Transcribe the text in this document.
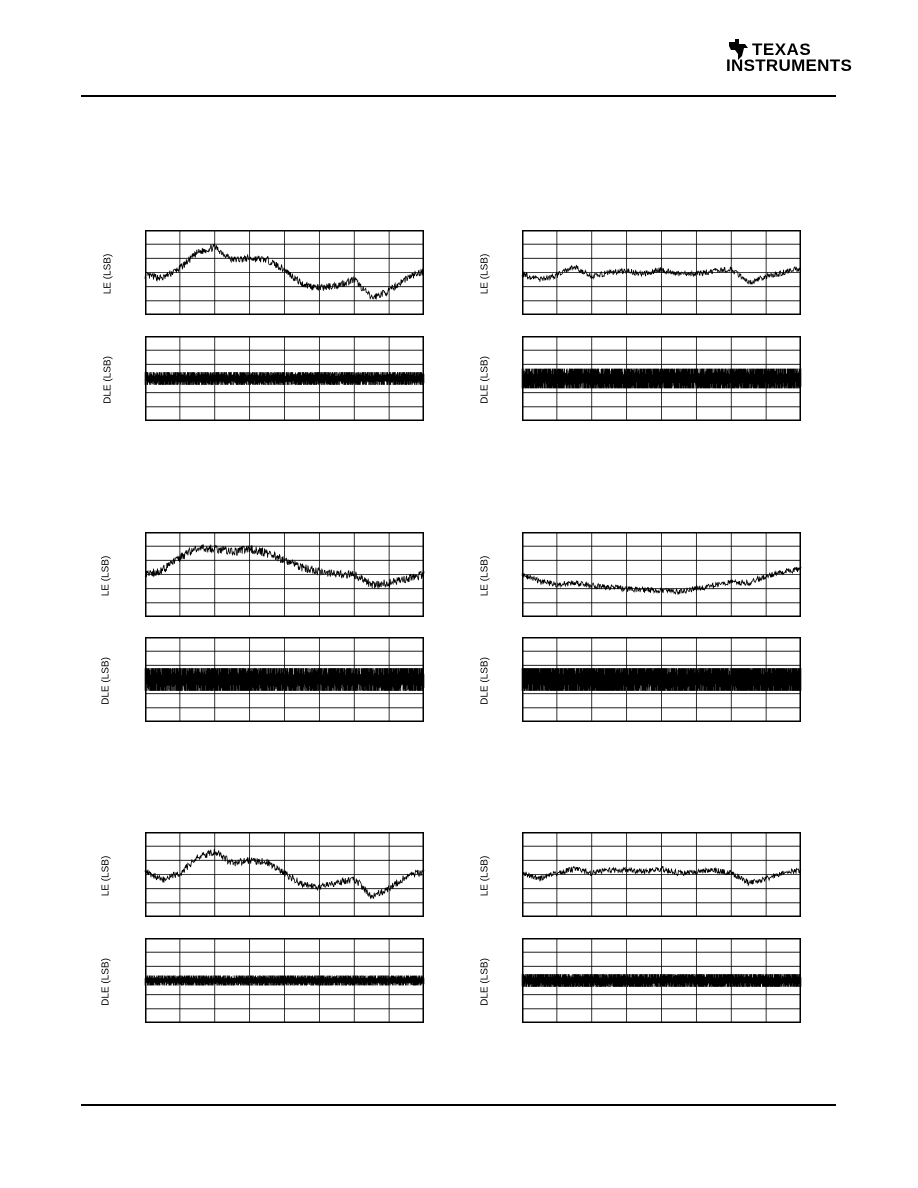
TEXAS
INSTRUMENTS
LE (LSB)	LE (LSB)
DLE (LSB)	DLE (LSB)
LE (LSB)	LE (LSB)
DLE (LSB)	DLE (LSB)
LE (LSB)	LE (LSB)
DLE (LSB)	DLE (LSB)
